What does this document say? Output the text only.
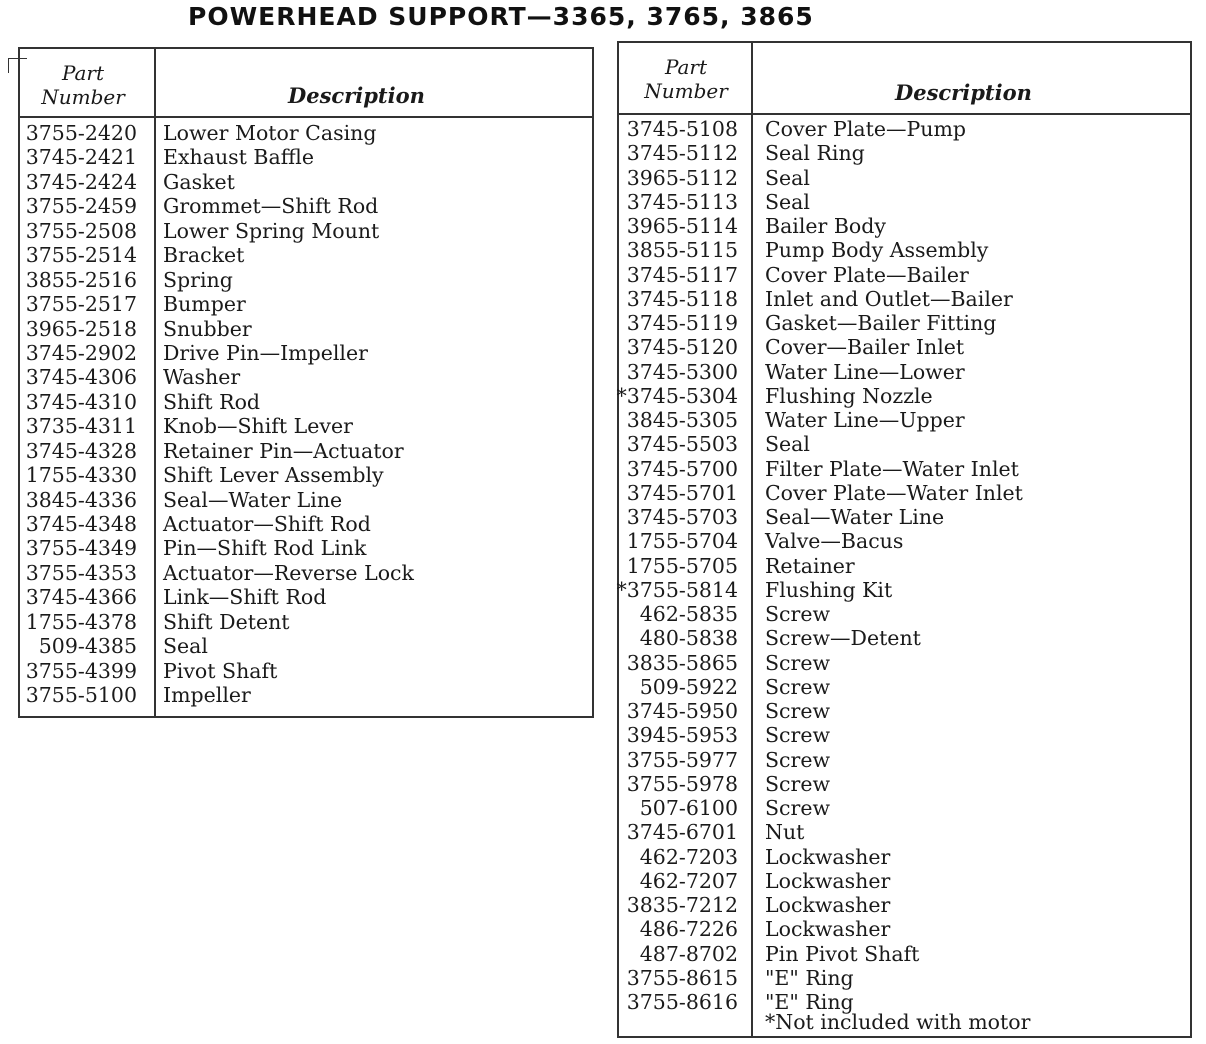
POWERHEAD SUPPORT—3365, 3765, 3865
Part
Number	Description
3755-2420 Lower Motor Casing
3745-2421 Exhaust Baffle
3745-2424 Gasket
3755-2459 Grommet—Shift Rod
3755-2508 Lower Spring Mount
3755-2514 Bracket
3855-2516 Spring
3755-2517 Bumper
3965-2518 Snubber
3745-2902 Drive Pin—Impeller
3745-4306 Washer
3745-4310 Shift Rod
3735-4311 Knob—Shift Lever
3745-4328 Retainer Pin—Actuator
1755-4330 Shift Lever Assembly
3845-4336 Seal—Water Line
3745-4348 Actuator—Shift Rod
3755-4349 Pin—Shift Rod Link
3755-4353 Actuator—Reverse Lock
3745-4366 Link—Shift Rod
1755-4378 Shift Detent
509-4385 Seal
3755-4399 Pivot Shaft
3755-5100 Impeller
Part
Number	Description
3745-5108 Cover Plate—Pump
3745-5112 Seal Ring
3965-5112 Seal
3745-5113 Seal
3965-5114 Bailer Body
3855-5115 Pump Body Assembly
3745-5117 Cover Plate—Bailer
3745-5118 Inlet and Outlet—Bailer
3745-5119 Gasket—Bailer Fitting
3745-5120 Cover—Bailer Inlet
3745-5300 Water Line—Lower
*3745-5304 Flushing Nozzle
3845-5305 Water Line—Upper
3745-5503 Seal
3745-5700 Filter Plate—Water Inlet
3745-5701 Cover Plate—Water Inlet
3745-5703 Seal—Water Line
1755-5704 Valve—Bacus
1755-5705 Retainer
*3755-5814 Flushing Kit
462-5835 Screw
480-5838 Screw—Detent
3835-5865 Screw
509-5922 Screw
3745-5950 Screw
3945-5953 Screw
3755-5977 Screw
3755-5978 Screw
507-6100 Screw
3745-6701 Nut
462-7203 Lockwasher
462-7207 Lockwasher
3835-7212 Lockwasher
486-7226 Lockwasher
487-8702 Pin Pivot Shaft
3755-8615 "E" Ring
3755-8616 "E" Ring
*Not included with motor
